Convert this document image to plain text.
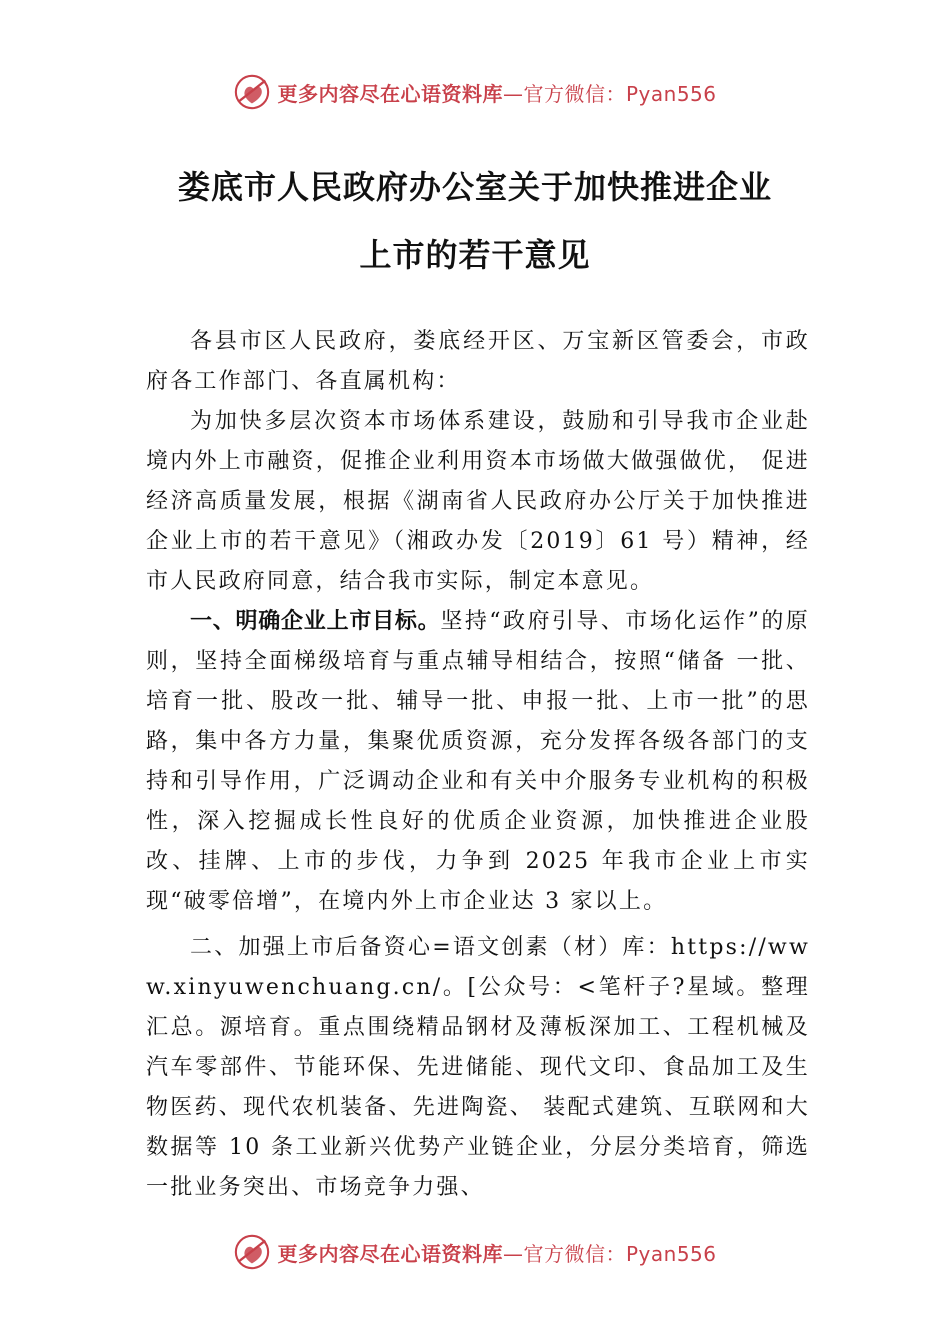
更多内容尽在心语资料库—官方微信：Pyan556
娄底市人民政府办公室关于加快推进企业
上市的若干意见

各县市区人民政府，娄底经开区、万宝新区管委会，市政府各工作部门、各直属机构：

为加快多层次资本市场体系建设，鼓励和引导我市企业赴境内外上市融资，促推企业利用资本市场做大做强做优， 促进经济高质量发展，根据《湖南省人民政府办公厅关于加快推进企业上市的若干意见》（湘政办发〔2019〕61 号）精神，经市人民政府同意，结合我市实际，制定本意见。

一、明确企业上市目标。坚持“政府引导、市场化运作”的原则，坚持全面梯级培育与重点辅导相结合，按照“储备 一批、培育一批、股改一批、辅导一批、申报一批、上市一批”的思路，集中各方力量，集聚优质资源，充分发挥各级各部门的支持和引导作用，广泛调动企业和有关中介服务专业机构的积极性，深入挖掘成长性良好的优质企业资源，加快推进企业股改、挂牌、上市的步伐，力争到 2025 年我市企业上市实现“破零倍增”，在境内外上市企业达 3 家以上。

二、加强上市后备资心=语文创素（材）库：https://www.xinyuwenchuang.cn/。[公众号：<笔杆子?星域。整理汇总。源培育。重点围绕精品钢材及薄板深加工、工程机械及汽车零部件、节能环保、先进储能、现代文印、食品加工及生物医药、现代农机装备、先进陶瓷、 装配式建筑、互联网和大数据等 10 条工业新兴优势产业链企业，分层分类培育，筛选一批业务突出、市场竞争力强、

更多内容尽在心语资料库—官方微信：Pyan556
